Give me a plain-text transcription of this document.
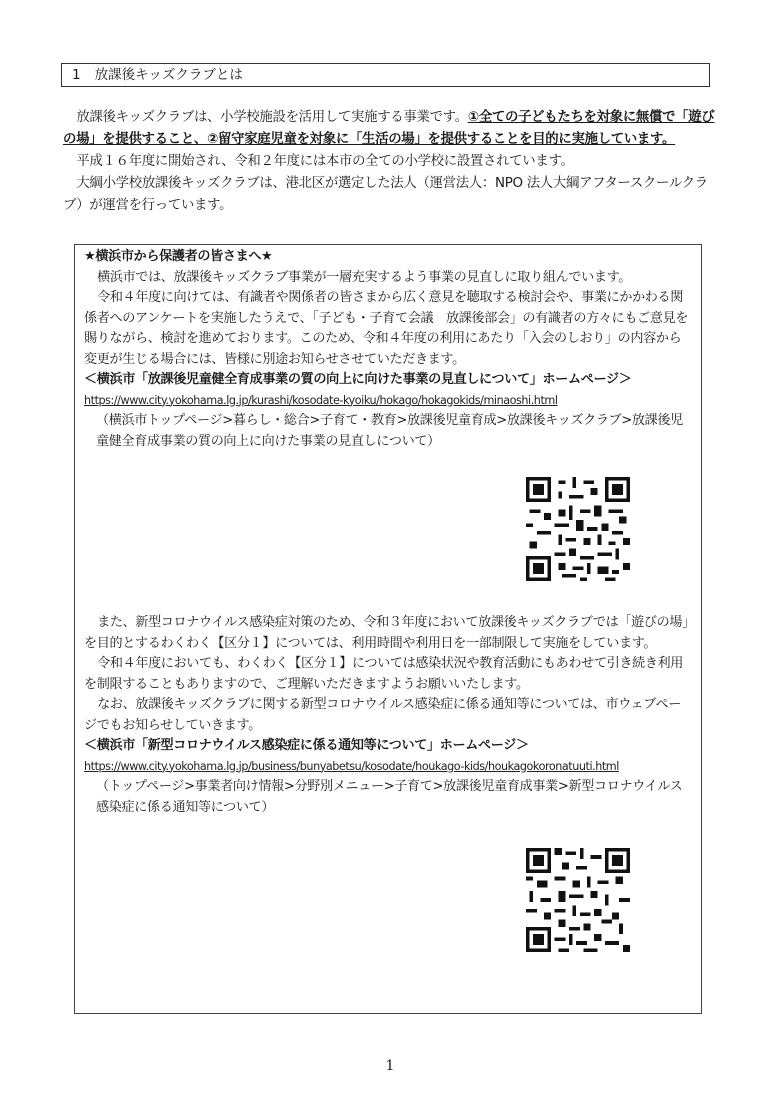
1 放課後キッズクラブとは

放課後キッズクラブは、小学校施設を活用して実施する事業です。①全ての子どもたちを対象に無償で「遊びの場」を提供すること、②留守家庭児童を対象に「生活の場」を提供することを目的に実施しています。

平成１６年度に開始され、令和２年度には本市の全ての小学校に設置されています。

大綱小学校放課後キッズクラブは、港北区が選定した法人（運営法人：NPO 法人大綱アフタースクールクラブ）が運営を行っています。

★横浜市から保護者の皆さまへ★

横浜市では、放課後キッズクラブ事業が一層充実するよう事業の見直しに取り組んでいます。

令和４年度に向けては、有識者や関係者の皆さまから広く意見を聴取する検討会や、事業にかかわる関係者へのアンケートを実施したうえで、「子ども・子育て会議　放課後部会」の有識者の方々にもご意見を賜りながら、検討を進めております。このため、令和４年度の利用にあたり「入会のしおり」の内容から変更が生じる場合には、皆様に別途お知らせさせていただきます。

＜横浜市「放課後児童健全育成事業の質の向上に向けた事業の見直しについて」ホームページ＞

https://www.city.yokohama.lg.jp/kurashi/kosodate-kyoiku/hokago/hokagokids/minaoshi.html

（横浜市トップページ>暮らし・総合>子育て・教育>放課後児童育成>放課後キッズクラブ>放課後児童健全育成事業の質の向上に向けた事業の見直しについて）

また、新型コロナウイルス感染症対策のため、令和３年度において放課後キッズクラブでは「遊びの場」を目的とするわくわく【区分１】については、利用時間や利用日を一部制限して実施をしています。

令和４年度においても、わくわく【区分１】については感染状況や教育活動にもあわせて引き続き利用を制限することもありますので、ご理解いただきますようお願いいたします。

なお、放課後キッズクラブに関する新型コロナウイルス感染症に係る通知等については、市ウェブページでもお知らせしていきます。

＜横浜市「新型コロナウイルス感染症に係る通知等について」ホームページ＞

https://www.city.yokohama.lg.jp/business/bunyabetsu/kosodate/houkago-kids/houkagokoronatuuti.html

（トップページ>事業者向け情報>分野別メニュー>子育て>放課後児童育成事業>新型コロナウイルス感染症に係る通知等について）

1
